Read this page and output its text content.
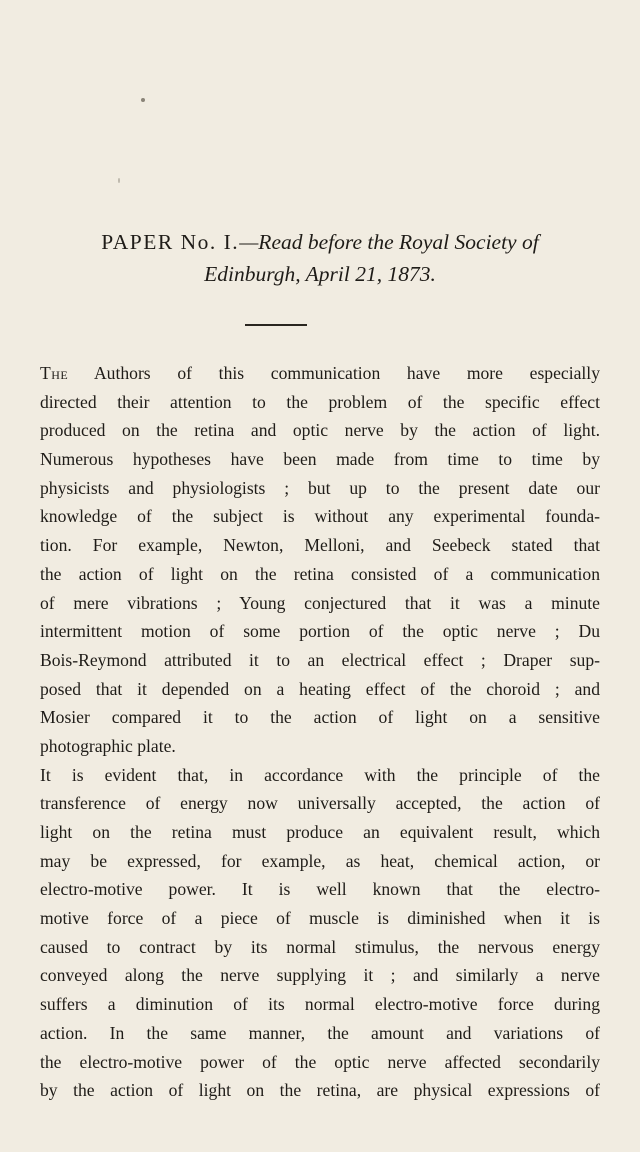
PAPER No. I.—Read before the Royal Society of
Edinburgh, April 21, 1873.
The Authors of this communication have more especially
directed their attention to the problem of the specific effect
produced on the retina and optic nerve by the action of light.
Numerous hypotheses have been made from time to time by
physicists and physiologists ; but up to the present date our
knowledge of the subject is without any experimental founda-
tion. For example, Newton, Melloni, and Seebeck stated that
the action of light on the retina consisted of a communication
of mere vibrations ; Young conjectured that it was a minute
intermittent motion of some portion of the optic nerve ; Du
Bois-Reymond attributed it to an electrical effect ; Draper sup-
posed that it depended on a heating effect of the choroid ; and
Mosier compared it to the action of light on a sensitive
photographic plate.
It is evident that, in accordance with the principle of the
transference of energy now universally accepted, the action of
light on the retina must produce an equivalent result, which
may be expressed, for example, as heat, chemical action, or
electro-motive power. It is well known that the electro-
motive force of a piece of muscle is diminished when it is
caused to contract by its normal stimulus, the nervous energy
conveyed along the nerve supplying it ; and similarly a nerve
suffers a diminution of its normal electro-motive force during
action. In the same manner, the amount and variations of
the electro-motive power of the optic nerve affected secondarily
by the action of light on the retina, are physical expressions of
